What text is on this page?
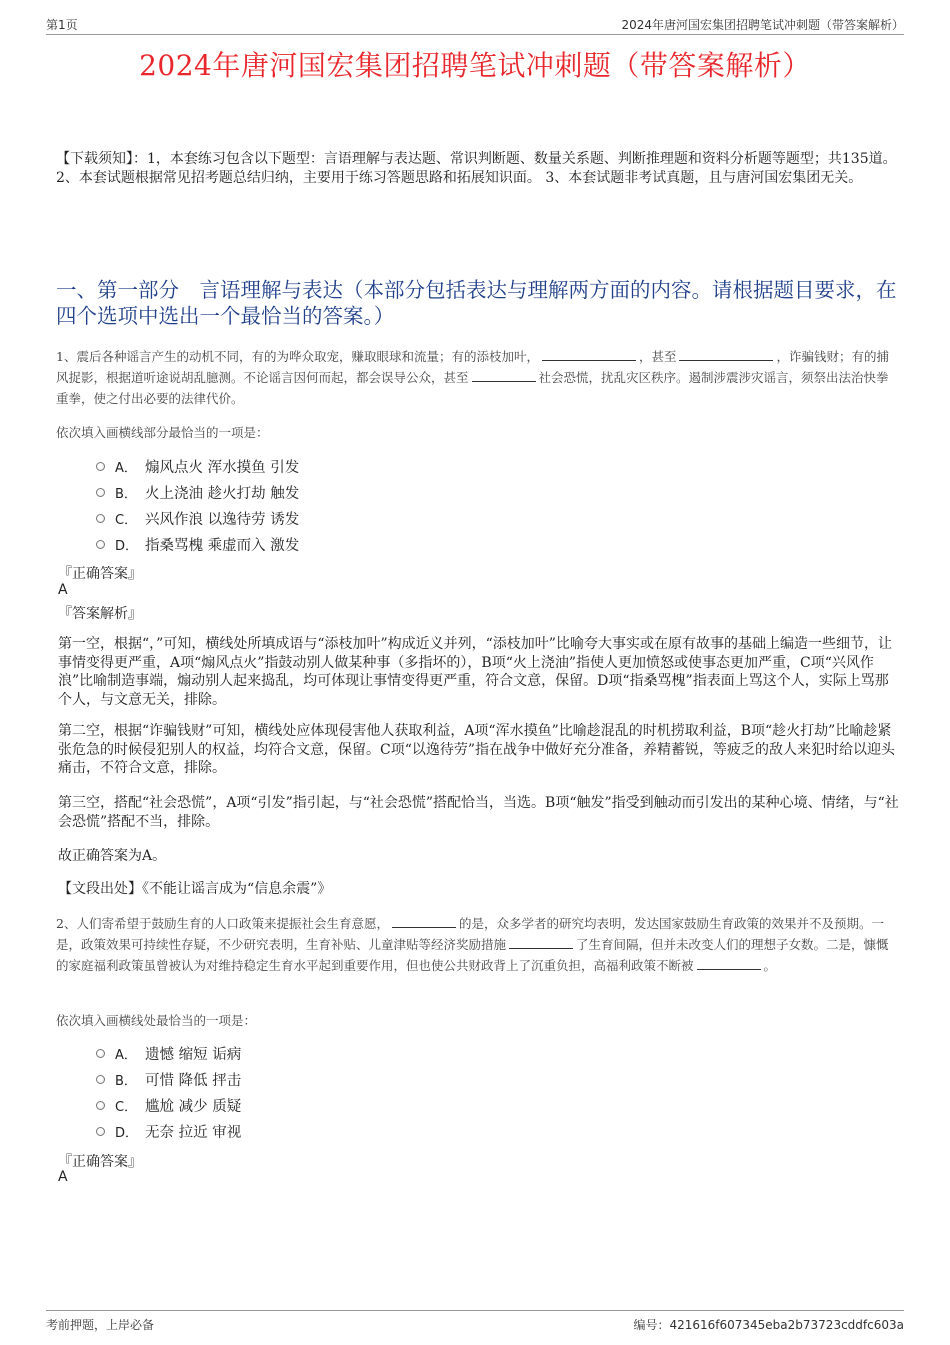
第1页	2024年唐河国宏集团招聘笔试冲刺题（带答案解析）
2024年唐河国宏集团招聘笔试冲刺题（带答案解析）
【下载须知】：1，本套练习包含以下题型：言语理解与表达题、常识判断题、数量关系题、判断推理题和资料分析题等题型；共135道。 2、本套试题根据常见招考题总结归纳，主要用于练习答题思路和拓展知识面。 3、本套试题非考试真题，且与唐河国宏集团无关。
一、第一部分　言语理解与表达（本部分包括表达与理解两方面的内容。请根据题目要求，在四个选项中选出一个最恰当的答案。）
1、震后各种谣言产生的动机不同，有的为哗众取宠，赚取眼球和流量；有的添枝加叶，	，甚至	，诈骗钱财；有的捕风捉影，根据道听途说胡乱臆测。不论谣言因何而起，都会误导公众，甚至	社会恐慌，扰乱灾区秩序。遏制涉震涉灾谣言，须祭出法治快拳重拳，使之付出必要的法律代价。
依次填入画横线部分最恰当的一项是：
A． 煽风点火 浑水摸鱼 引发
B． 火上浇油 趁火打劫 触发
C． 兴风作浪 以逸待劳 诱发
D． 指桑骂槐 乘虚而入 激发
『正确答案』
A
『答案解析』
第一空，根据“，”可知，横线处所填成语与“添枝加叶”构成近义并列，“添枝加叶”比喻夸大事实或在原有故事的基础上编造一些细节，让事情变得更严重，A项“煽风点火”指鼓动别人做某种事（多指坏的），B项“火上浇油”指使人更加愤怒或使事态更加严重，C项“兴风作浪”比喻制造事端，煽动别人起来捣乱，均可体现让事情变得更严重，符合文意，保留。D项“指桑骂槐”指表面上骂这个人，实际上骂那个人，与文意无关，排除。
第二空，根据“诈骗钱财”可知，横线处应体现侵害他人获取利益，A项“浑水摸鱼”比喻趁混乱的时机捞取利益，B项“趁火打劫”比喻趁紧张危急的时候侵犯别人的权益，均符合文意，保留。C项“以逸待劳”指在战争中做好充分准备，养精蓄锐，等疲乏的敌人来犯时给以迎头痛击，不符合文意，排除。
第三空，搭配“社会恐慌”，A项“引发”指引起，与“社会恐慌”搭配恰当，当选。B项“触发”指受到触动而引发出的某种心境、情绪，与“社会恐慌”搭配不当，排除。
故正确答案为A。
【文段出处】《不能让谣言成为“信息余震”》
2、人们寄希望于鼓励生育的人口政策来提振社会生育意愿，	的是，众多学者的研究均表明，发达国家鼓励生育政策的效果并不及预期。一是，政策效果可持续性存疑，不少研究表明，生育补贴、儿童津贴等经济奖励措施	了生育间隔，但并未改变人们的理想子女数。二是，慷慨的家庭福利政策虽曾被认为对维持稳定生育水平起到重要作用，但也使公共财政背上了沉重负担，高福利政策不断被	。
依次填入画横线处最恰当的一项是：
A． 遗憾 缩短 诟病
B． 可惜 降低 抨击
C． 尴尬 减少 质疑
D． 无奈 拉近 审视
『正确答案』
A
考前押题，上岸必备	编号：421616f607345eba2b73723cddfc603a
